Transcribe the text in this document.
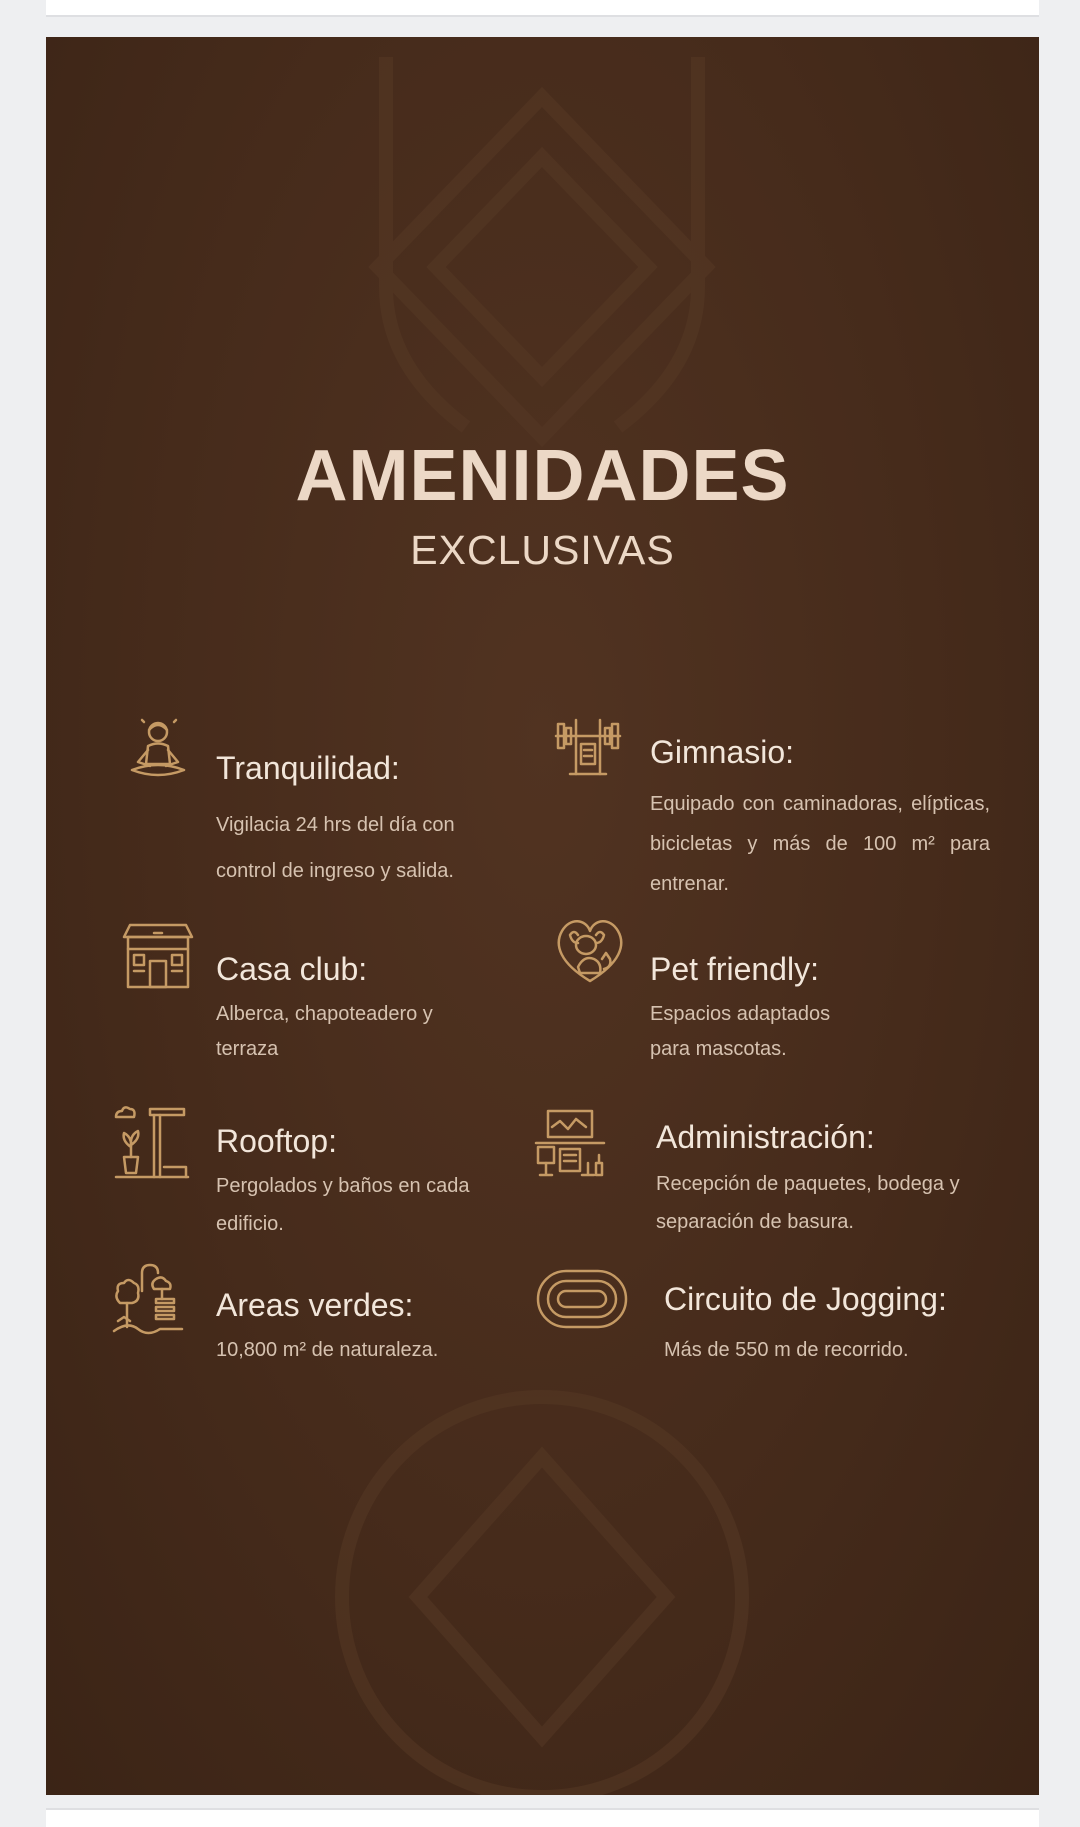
AMENIDADES
EXCLUSIVAS
Tranquilidad:
Vigilacia 24 hrs del día con control de ingreso y salida.
Gimnasio:
Equipado con caminadoras, elípticas, bicicletas y más de 100 m² para entrenar.
Casa club:
Alberca, chapoteadero y terraza
Pet friendly:
Espacios adaptados para mascotas.
Rooftop:
Pergolados y baños en cada edificio.
Administración:
Recepción de paquetes, bodega y separación de basura.
Areas verdes:
10,800 m² de naturaleza.
Circuito de Jogging:
Más de 550 m de recorrido.
